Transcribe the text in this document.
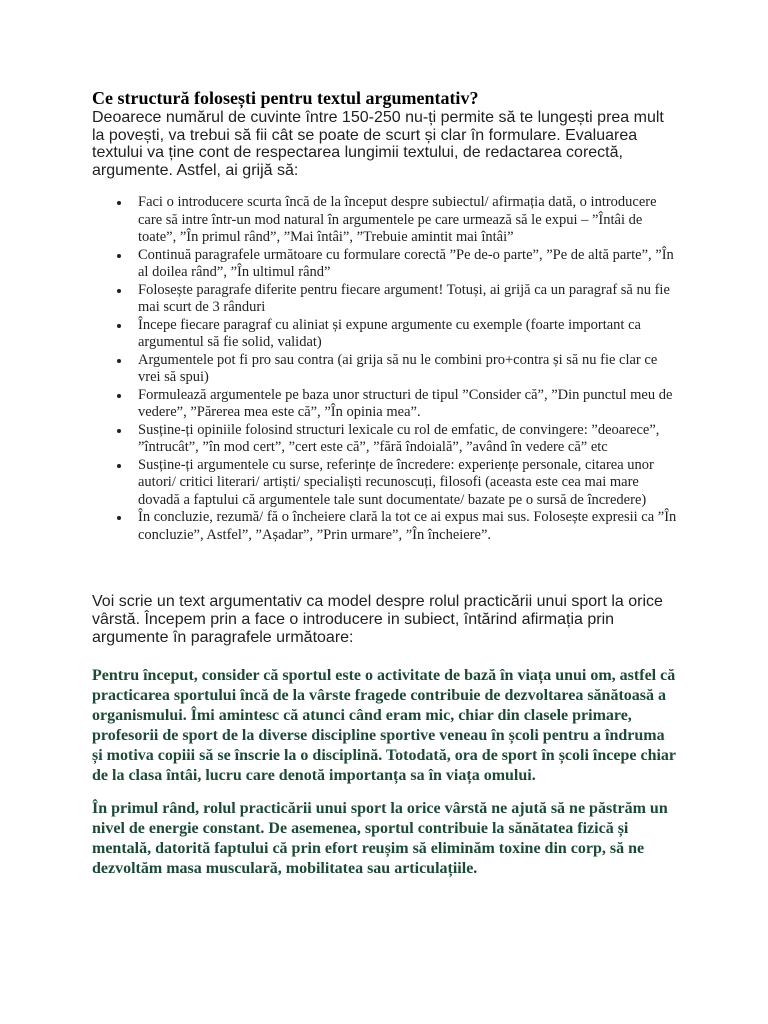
Ce structură folosești pentru textul argumentativ?

Deoarece numărul de cuvinte între 150-250 nu-ți permite să te lungești prea mult la povești, va trebui să fii cât se poate de scurt și clar în formulare. Evaluarea textului va ține cont de respectarea lungimii textului, de redactarea corectă, argumente. Astfel, ai grijă să:

Faci o introducere scurta încă de la început despre subiectul/ afirmația dată, o introducere care să intre într-un mod natural în argumentele pe care urmează să le expui – ”Întâi de toate”, ”În primul rând”, ”Mai întâi”, ”Trebuie amintit mai întâi”
Continuă paragrafele următoare cu formulare corectă ”Pe de-o parte”, ”Pe de altă parte”, ”În al doilea rând”, ”În ultimul rând”
Folosește paragrafe diferite pentru fiecare argument! Totuși, ai grijă ca un paragraf să nu fie mai scurt de 3 rânduri
Începe fiecare paragraf cu aliniat și expune argumente cu exemple (foarte important ca argumentul să fie solid, validat)
Argumentele pot fi pro sau contra (ai grija să nu le combini pro+contra și să nu fie clar ce vrei să spui)
Formulează argumentele pe baza unor structuri de tipul ”Consider că”, ”Din punctul meu de vedere”, ”Părerea mea este că”, ”În opinia mea”.
Susține-ți opiniile folosind structuri lexicale cu rol de emfatic, de convingere: ”deoarece”, ”întrucât”, ”în mod cert”, ”cert este că”, ”fără îndoială”, ”având în vedere că” etc
Susține-ți argumentele cu surse, referințe de încredere: experiențe personale, citarea unor autori/ critici literari/ artiști/ specialiști recunoscuți, filosofi (aceasta este cea mai mare dovadă a faptului că argumentele tale sunt documentate/ bazate pe o sursă de încredere)
În concluzie, rezumă/ fă o încheiere clară la tot ce ai expus mai sus. Folosește expresii ca ”În concluzie”, Astfel”, ”Așadar”, ”Prin urmare”, ”În încheiere”.

Voi scrie un text argumentativ ca model despre rolul practicării unui sport la orice vârstă. Începem prin a face o introducere in subiect, întărind afirmația prin argumente în paragrafele următoare:

Pentru început, consider că sportul este o activitate de bază în viața unui om, astfel că practicarea sportului încă de la vârste fragede contribuie de dezvoltarea sănătoasă a organismului. Îmi amintesc că atunci când eram mic, chiar din clasele primare, profesorii de sport de la diverse discipline sportive veneau în școli pentru a îndruma și motiva copiii să se înscrie la o disciplină. Totodată, ora de sport în școli începe chiar de la clasa întâi, lucru care denotă importanța sa în viața omului.

În primul rând, rolul practicării unui sport la orice vârstă ne ajută să ne păstrăm un nivel de energie constant. De asemenea, sportul contribuie la sănătatea fizică și mentală, datorită faptului că prin efort reușim să eliminăm toxine din corp, să ne dezvoltăm masa musculară, mobilitatea sau articulațiile.
